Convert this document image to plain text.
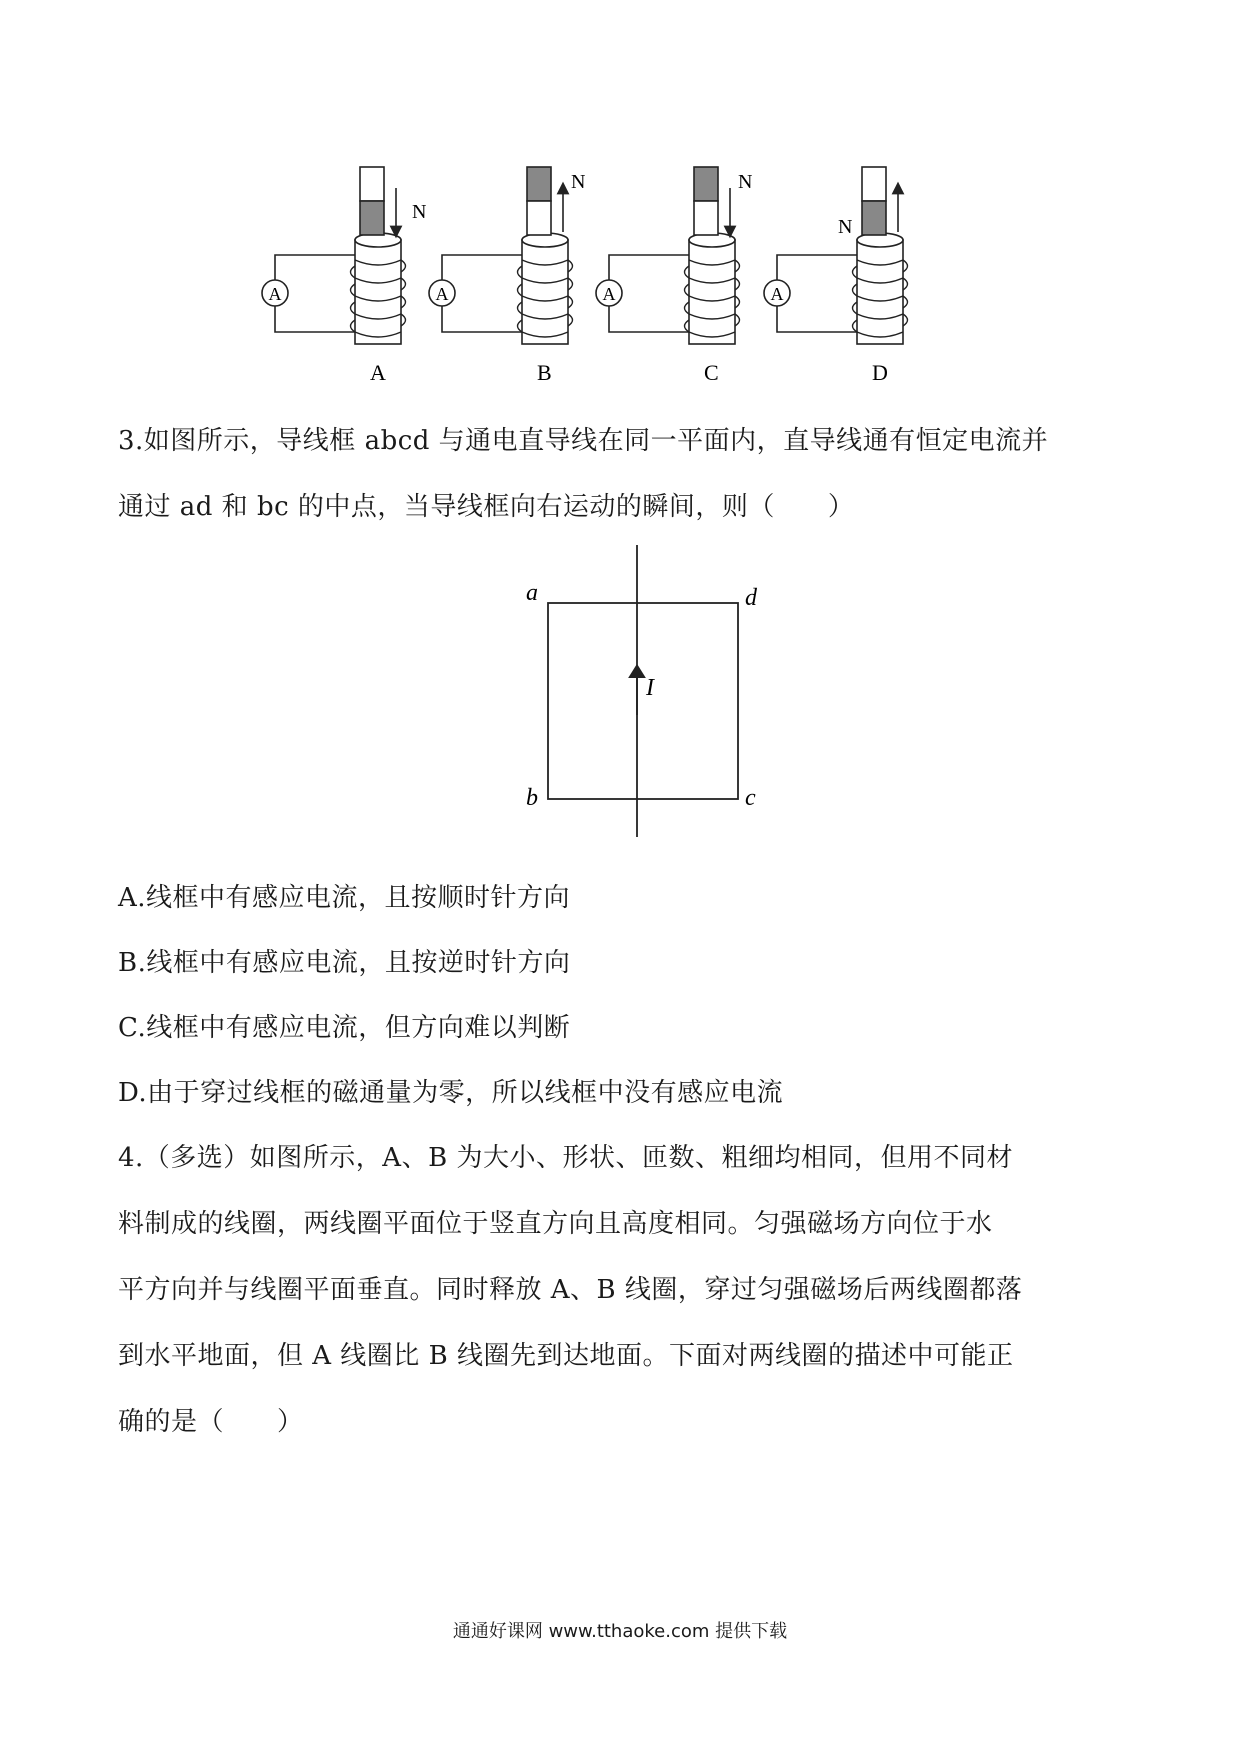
A
N
A
A
N
B
A
N
C
A
N
D
3.如图所示，导线框 abcd 与通电直导线在同一平面内，直导线通有恒定电流并
通过 ad 和 bc 的中点，当导线框向右运动的瞬间，则（　　）
I
a	d
b	c
A.线框中有感应电流，且按顺时针方向
B.线框中有感应电流，且按逆时针方向
C.线框中有感应电流，但方向难以判断
D.由于穿过线框的磁通量为零，所以线框中没有感应电流
4.（多选）如图所示，A、B 为大小、形状、匝数、粗细均相同，但用不同材
料制成的线圈，两线圈平面位于竖直方向且高度相同。匀强磁场方向位于水
平方向并与线圈平面垂直。同时释放 A、B 线圈，穿过匀强磁场后两线圈都落
到水平地面，但 A 线圈比 B 线圈先到达地面。下面对两线圈的描述中可能正
确的是（　　）
通通好课网 www.tthaoke.com 提供下载
